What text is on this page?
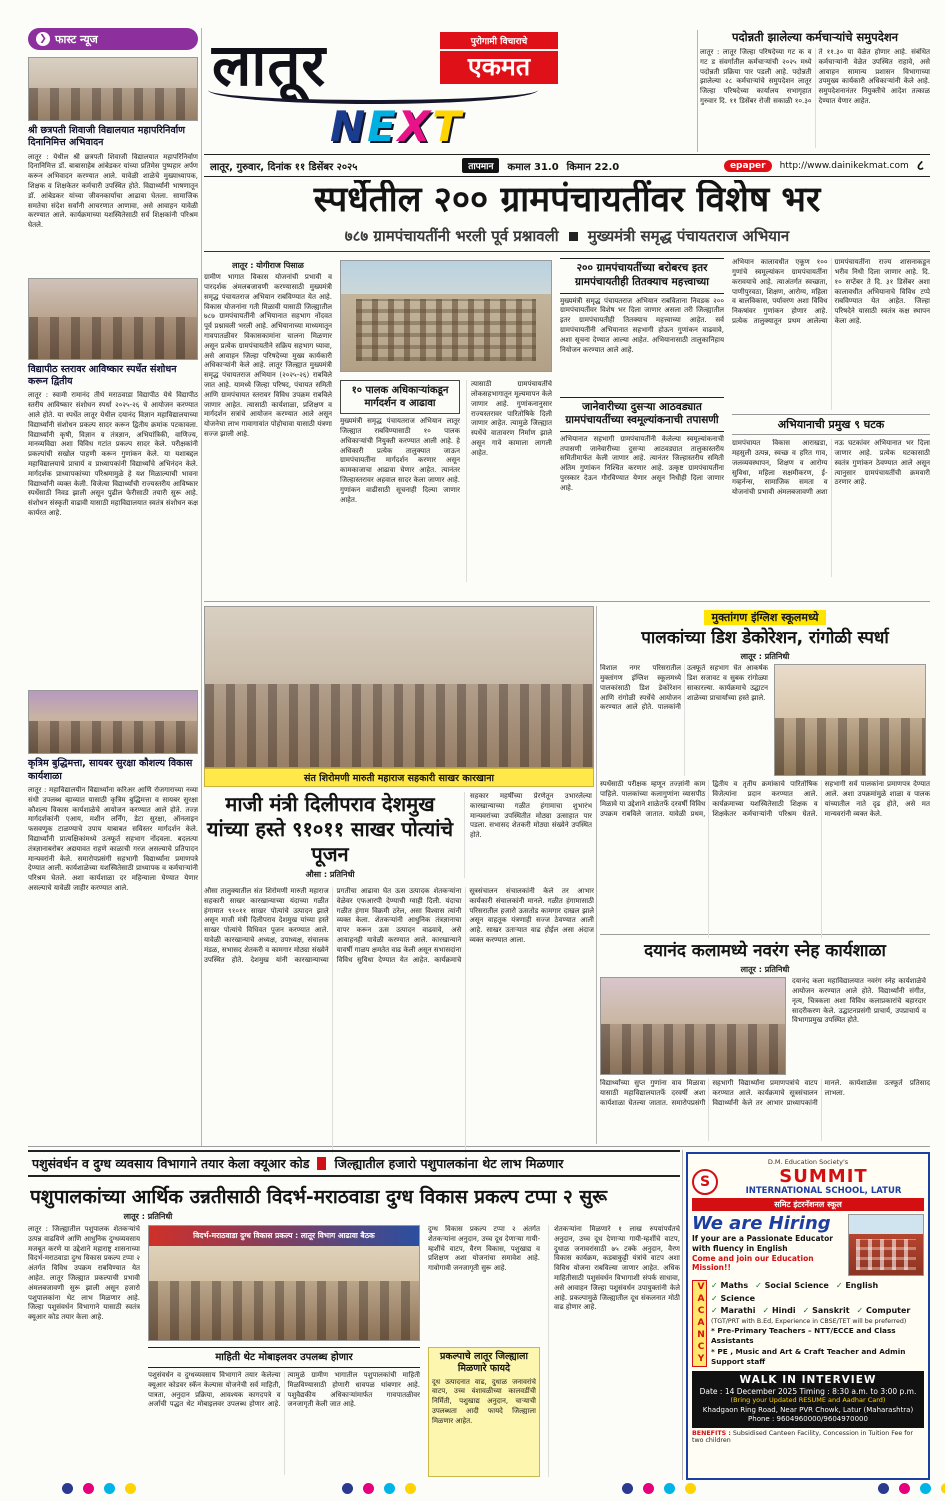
❯ फास्ट न्यूज
श्री छत्रपती शिवाजी विद्यालयात महापरिनिर्वाण दिनानिमित्त अभिवादन
लातूर : येथील श्री छत्रपती शिवाजी विद्यालयात महापरिनिर्वाण दिनानिमित्त डॉ. बाबासाहेब आंबेडकर यांच्या प्रतिमेस पुष्पहार अर्पण करून अभिवादन करण्यात आले. यावेळी शाळेचे मुख्याध्यापक, शिक्षक व शिक्षकेतर कर्मचारी उपस्थित होते. विद्यार्थ्यांनी भाषणातून डॉ. आंबेडकर यांच्या जीवनकार्याचा आढावा घेतला. सामाजिक समतेचा संदेश सर्वांनी आचरणात आणावा, असे आवाहन यावेळी करण्यात आले. कार्यक्रमाच्या यशस्वितेसाठी सर्व शिक्षकांनी परिश्रम घेतले.
विद्यापीठ स्तरावर आविष्कार स्पर्धेत संशोधन करून द्वितीय
लातूर : स्वामी रामानंद तीर्थ मराठवाडा विद्यापीठ येथे विद्यापीठ स्तरीय आविष्कार संशोधन स्पर्धा २०२५-२६ चे आयोजन करण्यात आले होते. या स्पर्धेत लातूर येथील दयानंद विज्ञान महाविद्यालयाच्या विद्यार्थ्यांनी संशोधन प्रकल्प सादर करून द्वितीय क्रमांक पटकावला. विद्यार्थ्यांनी कृषी, विज्ञान व तंत्रज्ञान, अभियांत्रिकी, वाणिज्य, मानव्यविद्या अशा विविध गटांत प्रकल्प सादर केले. परीक्षकांनी प्रकल्पांची सखोल पाहणी करून गुणांकन केले. या यशाबद्दल महाविद्यालयाचे प्राचार्य व प्राध्यापकांनी विद्यार्थ्यांचे अभिनंदन केले. मार्गदर्शक प्राध्यापकांच्या परिश्रमामुळे हे यश मिळाल्याची भावना विद्यार्थ्यांनी व्यक्त केली. विजेत्या विद्यार्थ्यांची राज्यस्तरीय आविष्कार स्पर्धेसाठी निवड झाली असून पुढील फेरीसाठी तयारी सुरू आहे. संशोधन संस्कृती वाढावी यासाठी महाविद्यालयात स्वतंत्र संशोधन कक्ष कार्यरत आहे.
कृत्रिम बुद्धिमत्ता, सायबर सुरक्षा कौशल्य विकास कार्यशाळा
लातूर : महाविद्यालयीन विद्यार्थ्यांना करिअर आणि रोजगाराच्या नव्या संधी उपलब्ध व्हाव्यात यासाठी कृत्रिम बुद्धिमत्ता व सायबर सुरक्षा कौशल्य विकास कार्यशाळेचे आयोजन करण्यात आले होते. तज्ज्ञ मार्गदर्शकांनी एआय, मशीन लर्निंग, डेटा सुरक्षा, ऑनलाइन फसवणूक टाळण्याचे उपाय याबाबत सविस्तर मार्गदर्शन केले. विद्यार्थ्यांनी प्रात्यक्षिकांमध्ये उत्स्फूर्त सहभाग नोंदवला. बदलत्या तंत्रज्ञानाबरोबर अद्ययावत राहणे काळाची गरज असल्याचे प्रतिपादन मान्यवरांनी केले. समारोपप्रसंगी सहभागी विद्यार्थ्यांना प्रमाणपत्रे देण्यात आली. कार्यशाळेच्या यशस्वितेसाठी प्राध्यापक व कर्मचाऱ्यांनी परिश्रम घेतले. अशा कार्यशाळा दर महिन्याला घेण्यात येणार असल्याचे यावेळी जाहीर करण्यात आले.
लातूर	पुरोगामी विचाराचे
एकमत
NEXT
पदोन्नती झालेल्या कर्मचाऱ्यांचे समुपदेशन
लातूर : लातूर जिल्हा परिषदेच्या गट क व गट ड संवर्गातील कर्मचाऱ्यांची २०२५ मध्ये पदोन्नती प्रक्रिया पार पडली आहे. पदोन्नती झालेल्या २८ कर्मचाऱ्यांचे समुपदेशन लातूर जिल्हा परिषदेच्या कार्यालय सभागृहात गुरुवार दि. ११ डिसेंबर रोजी सकाळी १०.३० ते ११.३० या वेळेत होणार आहे. संबंधित कर्मचाऱ्यांनी वेळेत उपस्थित राहावे, असे आवाहन सामान्य प्रशासन विभागाच्या उपमुख्य कार्यकारी अधिकाऱ्यांनी केले आहे. समुपदेशनानंतर नियुक्तीचे आदेश तत्काळ देण्यात येणार आहेत.
लातूर, गुरुवार, दिनांक ११ डिसेंबर २०२५	तापमान	कमाल 31.0 किमान 22.0	epaper	http://www.dainikekmat.com ८
स्पर्धेतील २०० ग्रामपंचायतींवर विशेष भर
७८७ ग्रामपंचायतींनी भरली पूर्व प्रश्नावली मुख्यमंत्री समृद्ध पंचायतराज अभियान
लातूर : योगीराज पिसाळ
ग्रामीण भागात विकास योजनांची प्रभावी व पारदर्शक अंमलबजावणी करण्यासाठी मुख्यमंत्री समृद्ध पंचायतराज अभियान राबविण्यात येत आहे. विकास योजनांना गती मिळावी यासाठी जिल्ह्यातील ७८७ ग्रामपंचायतींनी अभियानात सहभाग नोंदवत पूर्व प्रश्नावली भरली आहे. अभियानाच्या माध्यमातून गावपातळीवर विकासकामांना चालना मिळणार असून प्रत्येक ग्रामपंचायतीने सक्रिय सहभाग घ्यावा, असे आवाहन जिल्हा परिषदेच्या मुख्य कार्यकारी अधिकाऱ्यांनी केले आहे. लातूर जिल्ह्यात मुख्यमंत्री समृद्ध पंचायतराज अभियान (२०२५-२६) राबविले जात आहे. यामध्ये जिल्हा परिषद, पंचायत समिती आणि ग्रामपंचायत स्तरावर विविध उपक्रम राबविले जाणार आहेत. त्यासाठी कार्यशाळा, प्रशिक्षण व मार्गदर्शन सत्रांचे आयोजन करण्यात आले असून योजनेचा लाभ गावागावांत पोहोचावा यासाठी यंत्रणा सज्ज झाली आहे.
१० पालक अधिकाऱ्यांकडून मार्गदर्शन व आढावा
मुख्यमंत्री समृद्ध पंचायतराज अभियान लातूर जिल्ह्यात राबविण्यासाठी १० पालक अधिकाऱ्यांची नियुक्ती करण्यात आली आहे. हे अधिकारी प्रत्येक तालुक्यात जाऊन ग्रामपंचायतींना मार्गदर्शन करणार असून कामकाजाचा आढावा घेणार आहेत. त्यानंतर जिल्हास्तरावर अहवाल सादर केला जाणार आहे. गुणांकन वाढीसाठी सूचनाही दिल्या जाणार आहेत.
त्यासाठी ग्रामपंचायतींचे लोकसहभागातून मूल्यमापन केले जाणार आहे. गुणांकनानुसार राज्यस्तरावर पारितोषिके दिली जाणार आहेत. त्यामुळे जिल्ह्यात स्पर्धेचे वातावरण निर्माण झाले असून गावे कामाला लागली आहेत.
२०० ग्रामपंचायतींच्या बरोबरच इतर ग्रामपंचायतीही तितक्याच महत्त्वाच्या
मुख्यमंत्री समृद्ध पंचायतराज अभियान राबविताना निवडक २०० ग्रामपंचायतींवर विशेष भर दिला जाणार असला तरी जिल्ह्यातील इतर ग्रामपंचायतीही तितक्याच महत्त्वाच्या आहेत. सर्व ग्रामपंचायतींनी अभियानात सहभागी होऊन गुणांकन वाढवावे, अशा सूचना देण्यात आल्या आहेत. अभियानासाठी तालुकानिहाय नियोजन करण्यात आले आहे.
जानेवारीच्या दुसऱ्या आठवड्यात ग्रामपंचायतींच्या स्वमूल्यांकनाची तपासणी
अभियानात सहभागी ग्रामपंचायतींनी केलेल्या स्वमूल्यांकनाची तपासणी जानेवारीच्या दुसऱ्या आठवड्यात तालुकास्तरीय समितीमार्फत केली जाणार आहे. त्यानंतर जिल्हास्तरीय समिती अंतिम गुणांकन निश्चित करणार आहे. उत्कृष्ट ग्रामपंचायतींना पुरस्कार देऊन गौरविण्यात येणार असून निधीही दिला जाणार आहे.
अभियान कालावधीत एकूण १०० गुणांचे स्वमूल्यांकन ग्रामपंचायतींना करावयाचे आहे. त्याअंतर्गत स्वच्छता, पाणीपुरवठा, शिक्षण, आरोग्य, महिला व बालविकास, पर्यावरण अशा विविध निकषांवर गुणांकन होणार आहे. प्रत्येक तालुक्यातून प्रथम आलेल्या ग्रामपंचायतींना राज्य शासनाकडून भरीव निधी दिला जाणार आहे. दि. १० सप्टेंबर ते दि. ३१ डिसेंबर अशा कालावधीत अभियानाचे विविध टप्पे राबविण्यात येत आहेत. जिल्हा परिषदेने यासाठी स्वतंत्र कक्ष स्थापन केला आहे.
अभियानाची प्रमुख ९ घटक
ग्रामपंचायत विकास आराखडा, महसुली उत्पन्न, स्वच्छ व हरित गाव, जलव्यवस्थापन, शिक्षण व आरोग्य सुविधा, महिला सक्षमीकरण, ई-गव्हर्नन्स, सामाजिक समता व योजनांची प्रभावी अंमलबजावणी अशा नऊ घटकांवर अभियानात भर दिला जाणार आहे. प्रत्येक घटकासाठी स्वतंत्र गुणांकन ठेवण्यात आले असून त्यानुसार ग्रामपंचायतींची क्रमवारी ठरणार आहे.
संत शिरोमणी मारुती महाराज सहकारी साखर कारखाना
माजी मंत्री दिलीपराव देशमुख यांच्या हस्ते ९१०११ साखर पोत्यांचे पूजन
औसा : प्रतिनिधी
सहकार महर्षींच्या प्रेरणेतून उभारलेल्या कारखान्याच्या गळीत हंगामाचा शुभारंभ मान्यवरांच्या उपस्थितीत मोठ्या उत्साहात पार पडला. सभासद शेतकरी मोठ्या संख्येने उपस्थित होते.
औसा तालुक्यातील संत शिरोमणी मारुती महाराज सहकारी साखर कारखान्याच्या यंदाच्या गळीत हंगामात ९१०११ साखर पोत्यांचे उत्पादन झाले असून माजी मंत्री दिलीपराव देशमुख यांच्या हस्ते साखर पोत्यांचे विधिवत पूजन करण्यात आले. यावेळी कारखान्याचे अध्यक्ष, उपाध्यक्ष, संचालक मंडळ, सभासद शेतकरी व कामगार मोठ्या संख्येने उपस्थित होते. देशमुख यांनी कारखान्याच्या प्रगतीचा आढावा घेत ऊस उत्पादक शेतकऱ्यांना वेळेवर एफआरपी देण्याची ग्वाही दिली. यंदाचा गळीत हंगाम विक्रमी ठरेल, असा विश्वास त्यांनी व्यक्त केला. शेतकऱ्यांनी आधुनिक तंत्रज्ञानाचा वापर करून ऊस उत्पादन वाढवावे, असे आवाहनही यावेळी करण्यात आले. कारखान्याने यावर्षी गाळप क्षमतेत वाढ केली असून सभासदांना विविध सुविधा देण्यात येत आहेत. कार्यक्रमाचे सूत्रसंचालन संचालकांनी केले तर आभार कार्यकारी संचालकांनी मानले. गळीत हंगामासाठी परिसरातील हजारो ऊसतोड कामगार दाखल झाले असून वाहतूक यंत्रणाही सज्ज ठेवण्यात आली आहे. साखर उताऱ्यात वाढ होईल असा अंदाज व्यक्त करण्यात आला.
मुक्तांगण इंग्लिश स्कूलमध्ये
पालकांच्या डिश डेकोरेशन, रांगोळी स्पर्धा
लातूर : प्रतिनिधी
विशाल नगर परिसरातील मुक्तांगण इंग्लिश स्कूलमध्ये पालकांसाठी डिश डेकोरेशन आणि रांगोळी स्पर्धेचे आयोजन करण्यात आले होते. पालकांनी उत्स्फूर्त सहभाग घेत आकर्षक डिश सजावट व सुबक रांगोळ्या साकारल्या. कार्यक्रमाचे उद्घाटन शाळेच्या प्राचार्यांच्या हस्ते झाले.
स्पर्धेसाठी परीक्षक म्हणून तज्ज्ञांनी काम पाहिले. पालकांच्या कलागुणांना व्यासपीठ मिळावे या उद्देशाने शाळेतर्फे दरवर्षी विविध उपक्रम राबविले जातात. यावेळी प्रथम, द्वितीय व तृतीय क्रमांकाचे पारितोषिक विजेत्यांना प्रदान करण्यात आले. कार्यक्रमाच्या यशस्वितेसाठी शिक्षक व शिक्षकेतर कर्मचाऱ्यांनी परिश्रम घेतले. सहभागी सर्व पालकांना प्रमाणपत्र देण्यात आले. अशा उपक्रमांमुळे शाळा व पालक यांच्यातील नाते दृढ होते, असे मत मान्यवरांनी व्यक्त केले.
दयानंद कलामध्ये नवरंग स्नेह कार्यशाळा
लातूर : प्रतिनिधी
दयानंद कला महाविद्यालयात नवरंग स्नेह कार्यशाळेचे आयोजन करण्यात आले होते. विद्यार्थ्यांनी संगीत, नृत्य, चित्रकला अशा विविध कलाप्रकारांचे बहारदार सादरीकरण केले. उद्घाटनप्रसंगी प्राचार्य, उपप्राचार्य व विभागप्रमुख उपस्थित होते.
विद्यार्थ्यांच्या सुप्त गुणांना वाव मिळावा यासाठी महाविद्यालयातर्फे दरवर्षी अशा कार्यशाळा घेतल्या जातात. समारोपप्रसंगी सहभागी विद्यार्थ्यांना प्रमाणपत्रांचे वाटप करण्यात आले. कार्यक्रमाचे सूत्रसंचालन विद्यार्थ्यांनी केले तर आभार प्राध्यापकांनी मानले. कार्यशाळेस उत्स्फूर्त प्रतिसाद लाभला.
पशुसंवर्धन व दुग्ध व्यवसाय विभागाने तयार केला क्यूआर कोड जिल्ह्यातील हजारो पशुपालकांना थेट लाभ मिळणार
पशुपालकांच्या आर्थिक उन्नतीसाठी विदर्भ-मराठवाडा दुग्ध विकास प्रकल्प टप्पा २ सुरू
लातूर : प्रतिनिधी
लातूर : जिल्ह्यातील पशुपालक शेतकऱ्यांचे उत्पन्न वाढविणे आणि आधुनिक दुग्धव्यवसाय मजबूत करणे या उद्देशाने महाराष्ट्र शासनाच्या विदर्भ-मराठवाडा दुग्ध विकास प्रकल्प टप्पा २ अंतर्गत विविध उपक्रम राबविण्यात येत आहेत. लातूर जिल्ह्यात प्रकल्पाची प्रभावी अंमलबजावणी सुरू झाली असून हजारो पशुपालकांना थेट लाभ मिळणार आहे. जिल्हा पशुसंवर्धन विभागाने यासाठी स्वतंत्र क्यूआर कोड तयार केला आहे.
विदर्भ-मराठवाडा दुग्ध विकास प्रकल्प : लातूर विभाग आढावा बैठक
माहिती थेट मोबाइलवर उपलब्ध होणार
पशुसंवर्धन व दुग्धव्यवसाय विभागाने तयार केलेल्या क्यूआर कोडवर स्कॅन केल्यास योजनेची सर्व माहिती, पात्रता, अनुदान प्रक्रिया, आवश्यक कागदपत्रे व अर्जाची पद्धत थेट मोबाइलवर उपलब्ध होणार आहे. त्यामुळे ग्रामीण भागातील पशुपालकांची माहिती मिळविण्यासाठी होणारी धावपळ थांबणार आहे. पशुवैद्यकीय अधिकाऱ्यांमार्फत गावपातळीवर जनजागृती केली जात आहे.
दुग्ध विकास प्रकल्प टप्पा २ अंतर्गत शेतकऱ्यांना अनुदान, उच्च दूध देणाऱ्या गायी-म्हशींचे वाटप, वैरण विकास, पशुखाद्य व प्रशिक्षण अशा योजनांचा समावेश आहे. गावोगावी जनजागृती सुरू आहे.
प्रकल्पाचे लातूर जिल्ह्याला मिळणारे फायदे
दूध उत्पादनात वाढ, दुधाळ जनावरांचे वाटप, उच्च वंशावळीच्या कालवडींची निर्मिती, पशुखाद्य अनुदान, चाऱ्याची उपलब्धता आदी फायदे जिल्ह्याला मिळणार आहेत.
शेतकऱ्यांना मिळणारे १ लाख रुपयांपर्यंतचे अनुदान, उच्च दूध देणाऱ्या गायी-म्हशींचे वाटप, दुधाळ जनावरांसाठी ७५ टक्के अनुदान, वैरण विकास कार्यक्रम, कडबाकुट्टी यंत्रांचे वाटप अशा विविध योजना राबविल्या जाणार आहेत. अधिक माहितीसाठी पशुसंवर्धन विभागाशी संपर्क साधावा, असे आवाहन जिल्हा पशुसंवर्धन उपायुक्तांनी केले आहे. प्रकल्पामुळे जिल्ह्यातील दूध संकलनात मोठी वाढ होणार आहे.
D.M. Education Society's
S	SUMMIT
INTERNATIONAL SCHOOL, LATUR
समिट इंटरनॅशनल स्कूल
We are Hiring
If your are a Passionate Educator
with fluency in English
Come and join our Education Mission!!
VACANCY ✓ Maths ✓ Social Science ✓ English
✓ Science
✓ Marathi ✓ Hindi ✓ Sanskrit ✓ Computer
(TGT/PRT with B.Ed, Experience in CBSE/TET will be preferred)
* Pre-Primary Teachers – NTT/ECCE and Class Assistants
* PE , Music and Art & Craft Teacher and Admin Support staff
WALK IN INTERVIEW
Date : 14 December 2025 Timing : 8:30 a.m. to 3:00 p.m.
(Bring your Updated RESUME and Aadhar Card)
Khadgaon Ring Road, Near PVR Chowk, Latur (Maharashtra) Phone : 9604960000/9604970000
BENEFITS : Subsidised Canteen Facility, Concession in Tuition Fee for two children
